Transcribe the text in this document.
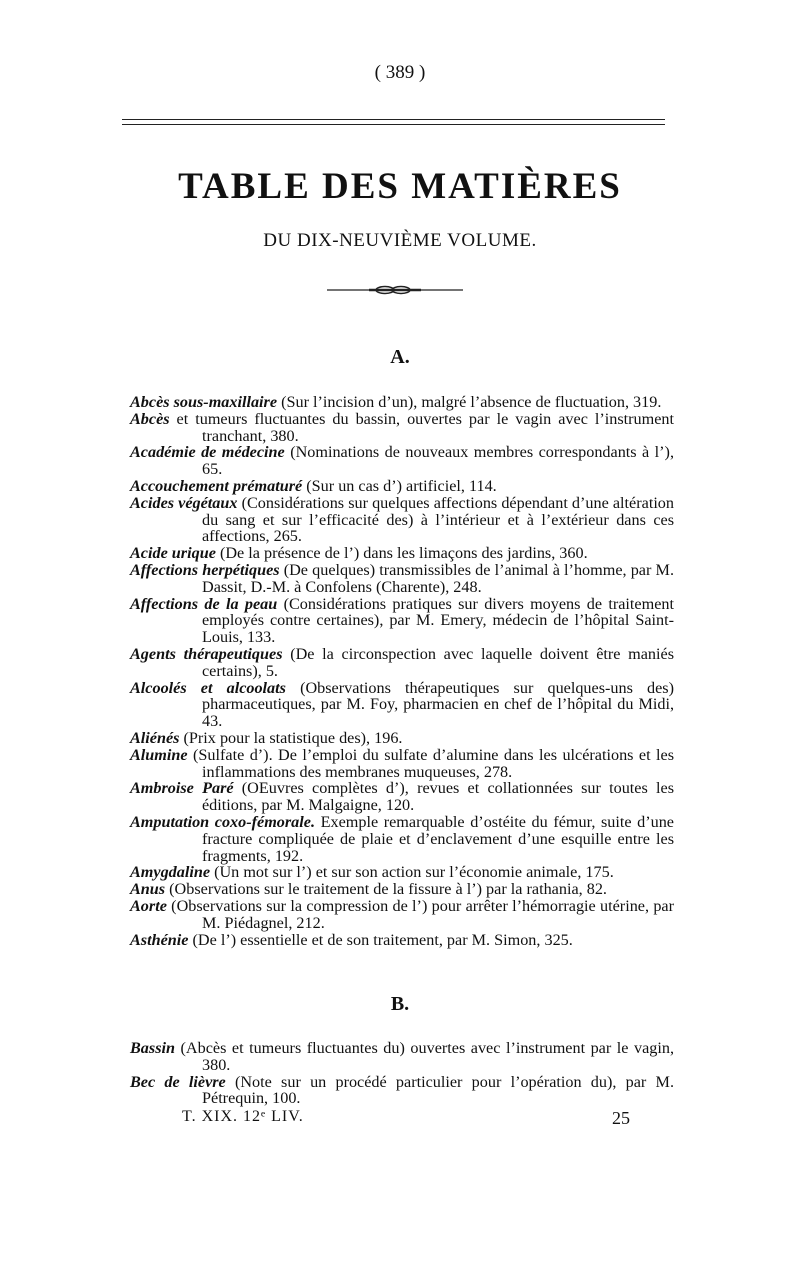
( 389 )
TABLE DES MATIÈRES
DU DIX-NEUVIÈME VOLUME.
A.

Abcès sous-maxillaire (Sur l’incision d’un), malgré l’absence de fluctuation, 319.

Abcès et tumeurs fluctuantes du bassin, ouvertes par le vagin avec l’instrument tranchant, 380.

Académie de médecine (Nominations de nouveaux membres correspondants à l’), 65.

Accouchement prématuré (Sur un cas d’) artificiel, 114.

Acides végétaux (Considérations sur quelques affections dépendant d’une altération du sang et sur l’efficacité des) à l’intérieur et à l’extérieur dans ces affections, 265.

Acide urique (De la présence de l’) dans les limaçons des jardins, 360.

Affections herpétiques (De quelques) transmissibles de l’animal à l’homme, par M. Dassit, D.-M. à Confolens (Charente), 248.

Affections de la peau (Considérations pratiques sur divers moyens de traitement employés contre certaines), par M. Emery, médecin de l’hôpital Saint-Louis, 133.

Agents thérapeutiques (De la circonspection avec laquelle doivent être maniés certains), 5.

Alcoolés et alcoolats (Observations thérapeutiques sur quelques-uns des) pharmaceutiques, par M. Foy, pharmacien en chef de l’hôpital du Midi, 43.

Aliénés (Prix pour la statistique des), 196.

Alumine (Sulfate d’). De l’emploi du sulfate d’alumine dans les ulcérations et les inflammations des membranes muqueuses, 278.

Ambroise Paré (OEuvres complètes d’), revues et collationnées sur toutes les éditions, par M. Malgaigne, 120.

Amputation coxo-fémorale. Exemple remarquable d’ostéite du fémur, suite d’une fracture compliquée de plaie et d’enclavement d’une esquille entre les fragments, 192.

Amygdaline (Un mot sur l’) et sur son action sur l’économie animale, 175.

Anus (Observations sur le traitement de la fissure à l’) par la rathania, 82.

Aorte (Observations sur la compression de l’) pour arrêter l’hémorragie utérine, par M. Piédagnel, 212.

Asthénie (De l’) essentielle et de son traitement, par M. Simon, 325.

B.

Bassin (Abcès et tumeurs fluctuantes du) ouvertes avec l’instrument par le vagin, 380.

Bec de lièvre (Note sur un procédé particulier pour l’opération du), par M. Pétrequin, 100.

T. XIX. 12ᵉ LIV.	25
